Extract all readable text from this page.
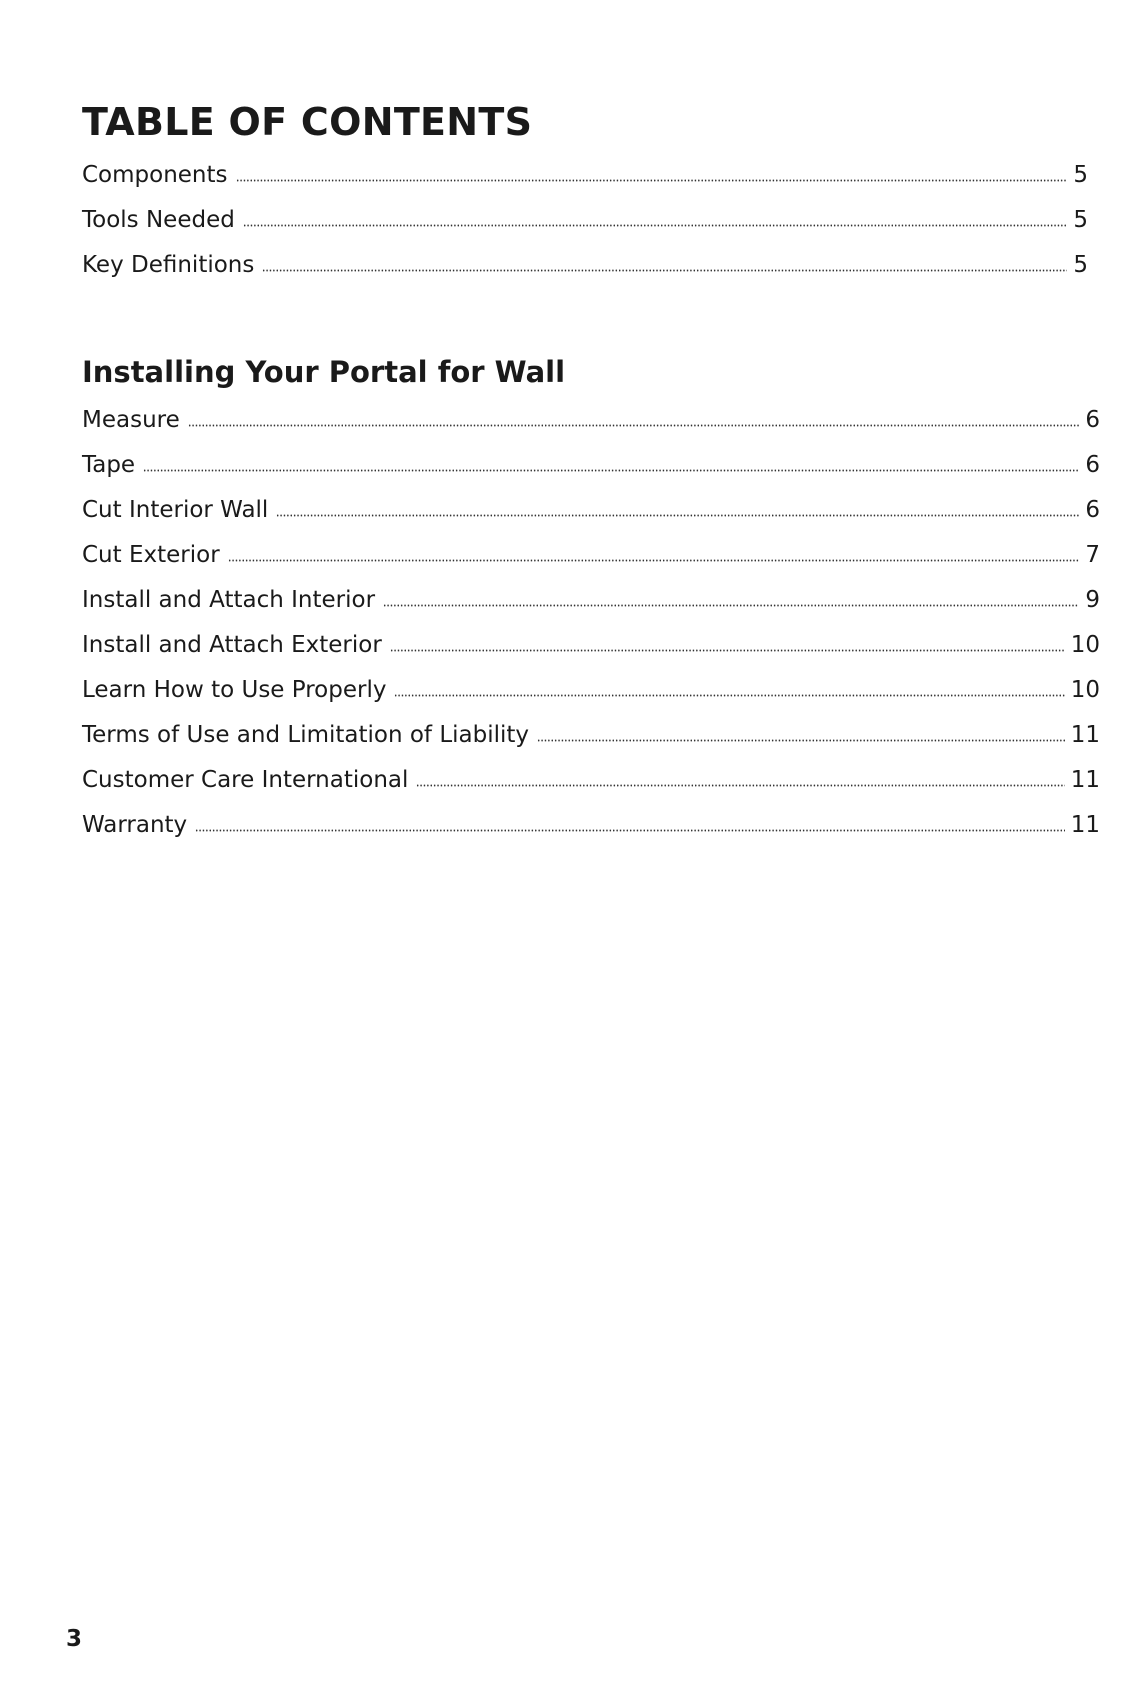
TABLE OF CONTENTS
Components	5
Tools Needed	5
Key Definitions	5
Installing Your Portal for Wall
Measure	6
Tape	6
Cut Interior Wall	6
Cut Exterior	7
Install and Attach Interior	9
Install and Attach Exterior	10
Learn How to Use Properly	10
Terms of Use and Limitation of Liability	11
Customer Care International	11
Warranty	11
3
